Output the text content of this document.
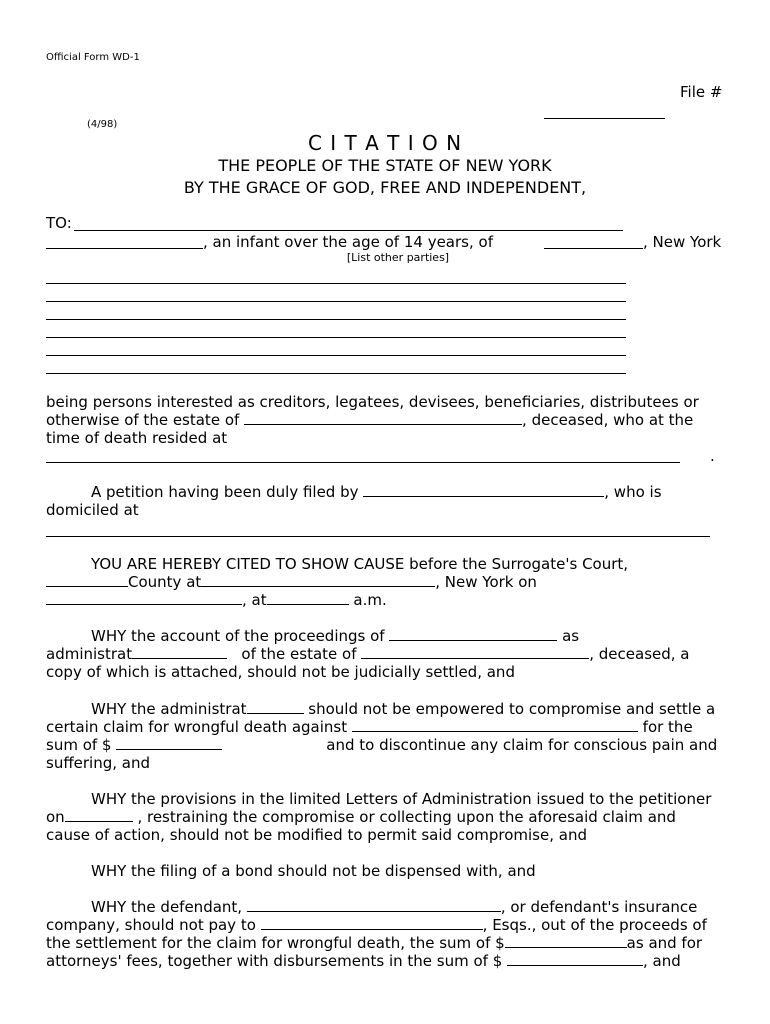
Official Form WD-1
File #
(4/98)
C I T A T I O N
THE PEOPLE OF THE STATE OF NEW YORK
BY THE GRACE OF GOD, FREE AND INDEPENDENT,
TO:
, an infant over the age of 14 years, of	, New York
[List other parties]
being persons interested as creditors, legatees, devisees, beneficiaries, distributees or
otherwise of the estate of	, deceased, who at the
time of death resided at
.
A petition having been duly filed by	, who is
domiciled at
YOU ARE HEREBY CITED TO SHOW CAUSE before the Surrogate's Court,
County at	, New York on
, at	a.m.
WHY the account of the proceedings of	as
administrat	of the estate of	, deceased, a
copy of which is attached, should not be judicially settled, and
WHY the administrat	should not be empowered to compromise and settle a
certain claim for wrongful death against	for the
sum of $	and to discontinue any claim for conscious pain and
suffering, and
WHY the provisions in the limited Letters of Administration issued to the petitioner
on	, restraining the compromise or collecting upon the aforesaid claim and
cause of action, should not be modified to permit said compromise, and
WHY the filing of a bond should not be dispensed with, and
WHY the defendant,	, or defendant's insurance
company, should not pay to	, Esqs., out of the proceeds of
the settlement for the claim for wrongful death, the sum of $	as and for
attorneys' fees, together with disbursements in the sum of $	, and
